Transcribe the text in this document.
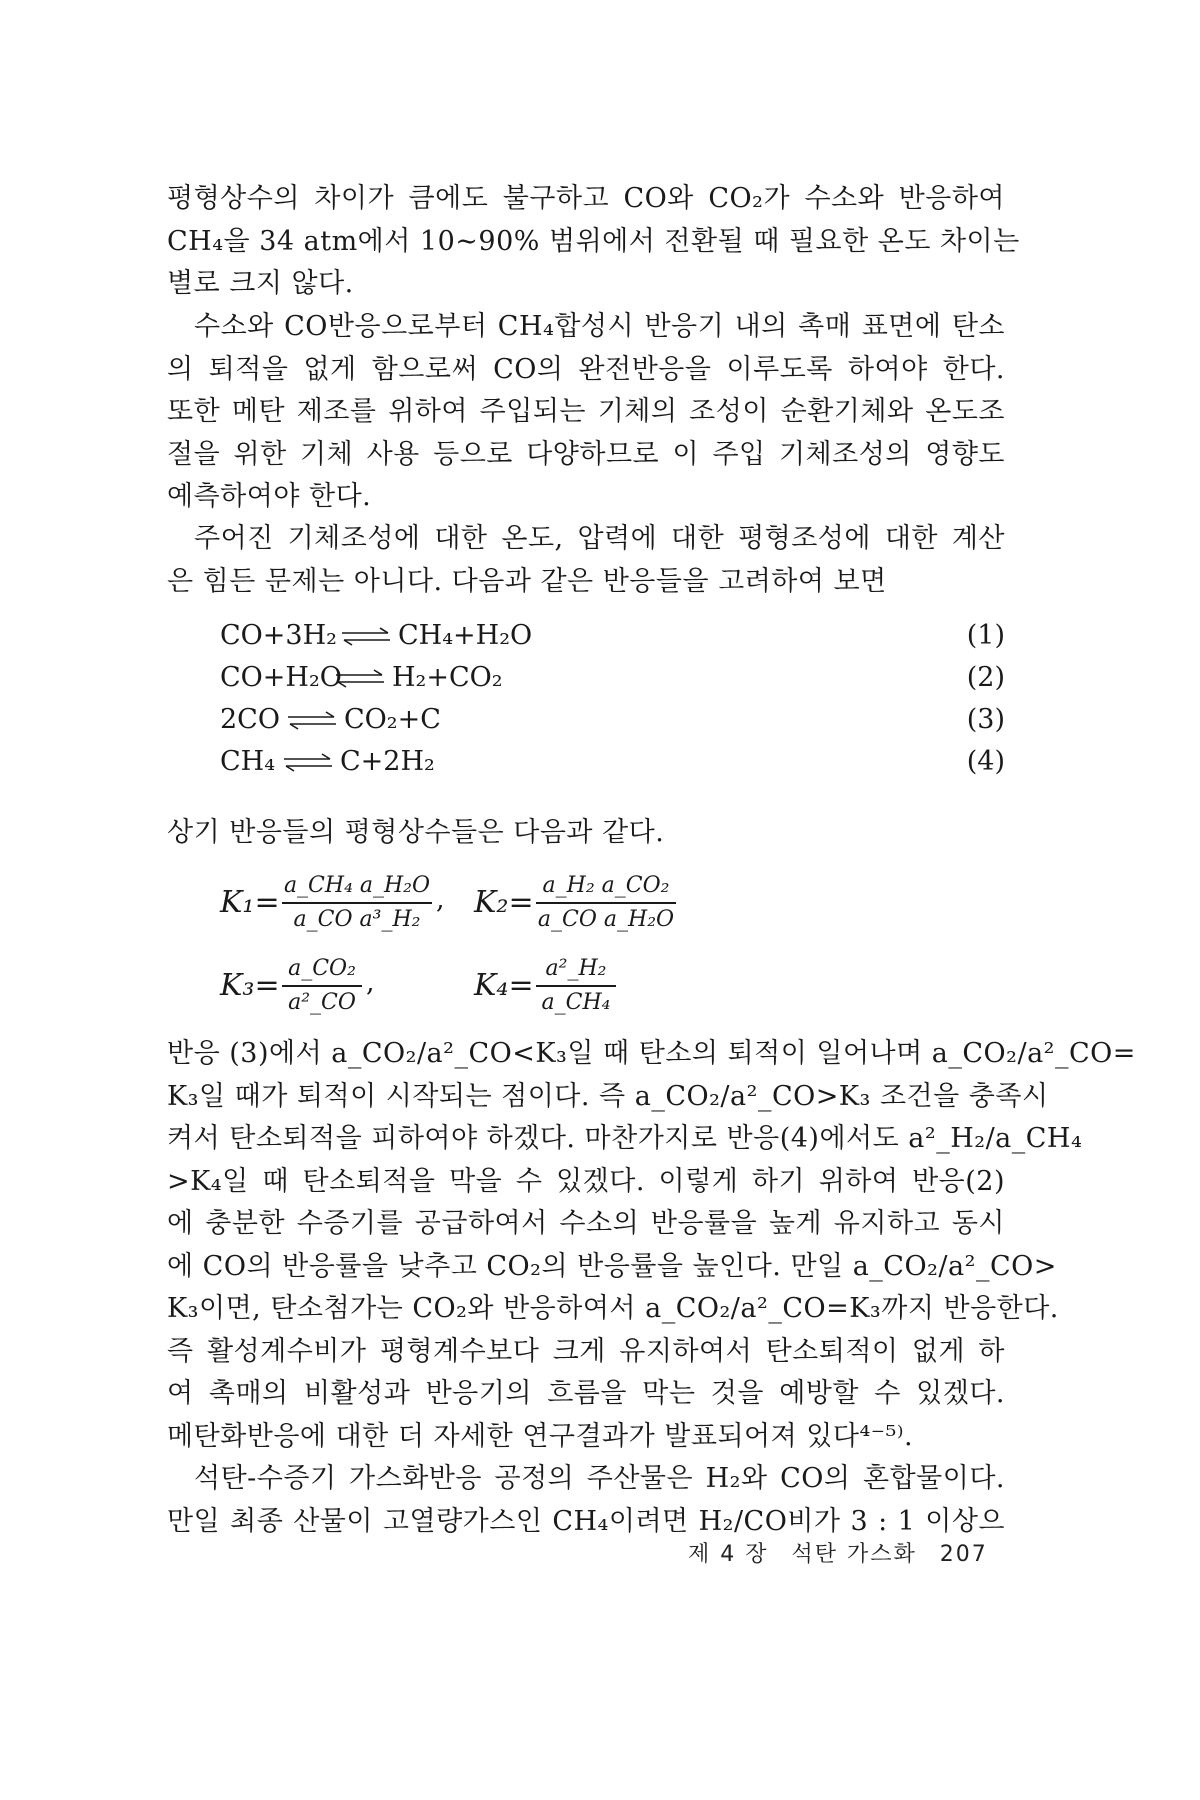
평형상수의 차이가 큼에도 불구하고 CO와 CO₂가 수소와 반응하여
CH₄을 34 atm에서 10∼90% 범위에서 전환될 때 필요한 온도 차이는
별로 크지 않다.
수소와 CO반응으로부터 CH₄합성시 반응기 내의 촉매 표면에 탄소
의 퇴적을 없게 함으로써 CO의 완전반응을 이루도록 하여야 한다.
또한 메탄 제조를 위하여 주입되는 기체의 조성이 순환기체와 온도조
절을 위한 기체 사용 등으로 다양하므로 이 주입 기체조성의 영향도
예측하여야 한다.
주어진 기체조성에 대한 온도, 압력에 대한 평형조성에 대한 계산
은 힘든 문제는 아니다. 다음과 같은 반응들을 고려하여 보면
CO+3H₂ ⇌ CH₄+H₂O	(1)
CO+H₂O ⇌ H₂+CO₂	(2)
2CO ⇌ CO₂+C	(3)
CH₄ ⇌ C+2H₂	(4)
상기 반응들의 평형상수들은 다음과 같다.
K₁= a_CH₄ a_H₂O
a_CO a³_H₂
, K₂= a_H₂ a_CO₂
a_CO a_H₂O
K₃= a_CO₂
a²_CO
,	K₄= a²_H₂
a_CH₄
반응 (3)에서 a_CO₂/a²_CO<K₃일 때 탄소의 퇴적이 일어나며 a_CO₂/a²_CO=
K₃일 때가 퇴적이 시작되는 점이다. 즉 a_CO₂/a²_CO>K₃ 조건을 충족시
켜서 탄소퇴적을 피하여야 하겠다. 마찬가지로 반응(4)에서도 a²_H₂/a_CH₄
>K₄일 때 탄소퇴적을 막을 수 있겠다. 이렇게 하기 위하여 반응(2)
에 충분한 수증기를 공급하여서 수소의 반응률을 높게 유지하고 동시
에 CO의 반응률을 낮추고 CO₂의 반응률을 높인다. 만일 a_CO₂/a²_CO>
K₃이면, 탄소첨가는 CO₂와 반응하여서 a_CO₂/a²_CO=K₃까지 반응한다.
즉 활성계수비가 평형계수보다 크게 유지하여서 탄소퇴적이 없게 하
여 촉매의 비활성과 반응기의 흐름을 막는 것을 예방할 수 있겠다.
메탄화반응에 대한 더 자세한 연구결과가 발표되어져 있다⁴⁻⁵⁾.
석탄-수증기 가스화반응 공정의 주산물은 H₂와 CO의 혼합물이다.
만일 최종 산물이 고열량가스인 CH₄이려면 H₂/CO비가 3 : 1 이상으
제 4 장 석탄 가스화 207
